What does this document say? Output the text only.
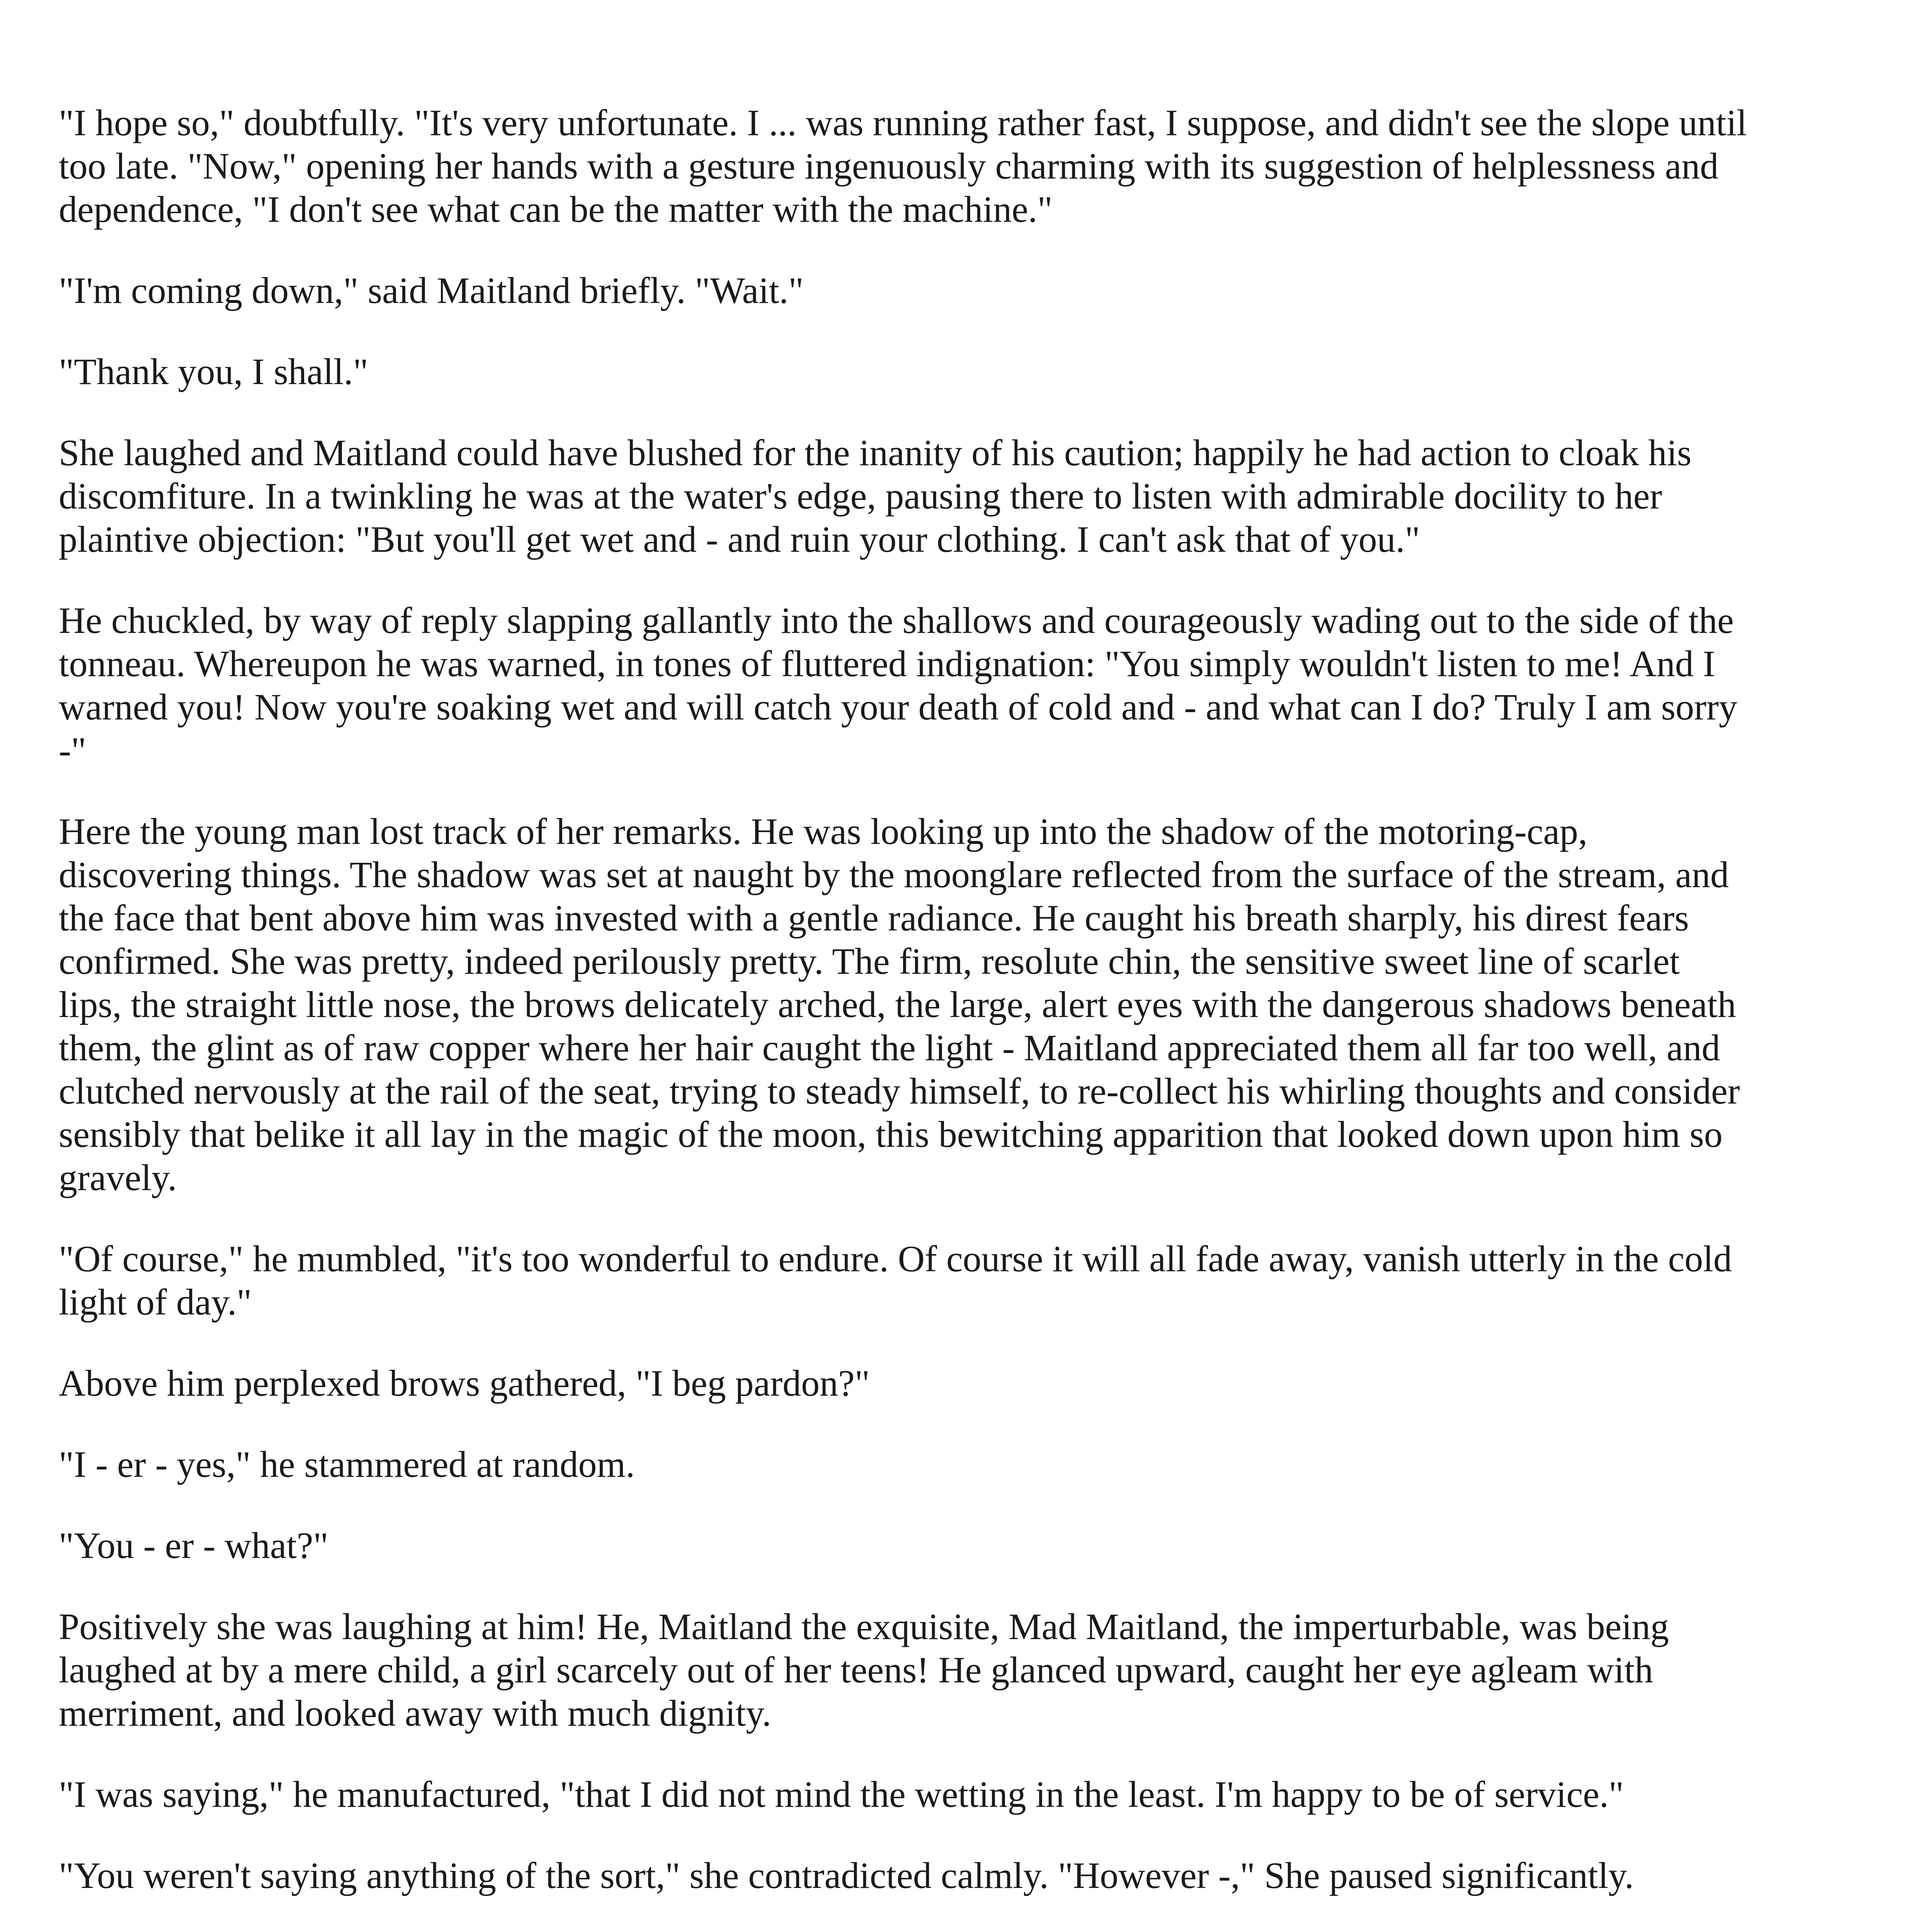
"I hope so," doubtfully. "It's very unfortunate. I ... was running rather fast, I suppose, and didn't see the slope until too late. "Now," opening her hands with a gesture ingenuously charming with its suggestion of helplessness and dependence, "I don't see what can be the matter with the machine."

"I'm coming down," said Maitland briefly. "Wait."

"Thank you, I shall."

She laughed and Maitland could have blushed for the inanity of his caution; happily he had action to cloak his discomfiture. In a twinkling he was at the water's edge, pausing there to listen with admirable docility to her plaintive objection: "But you'll get wet and - and ruin your clothing. I can't ask that of you."

He chuckled, by way of reply slapping gallantly into the shallows and courageously wading out to the side of the tonneau. Whereupon he was warned, in tones of fluttered indignation: "You simply wouldn't listen to me! And I warned you! Now you're soaking wet and will catch your death of cold and - and what can I do? Truly I am sorry -"

Here the young man lost track of her remarks. He was looking up into the shadow of the motoring-cap, discovering things. The shadow was set at naught by the moonglare reflected from the surface of the stream, and the face that bent above him was invested with a gentle radiance. He caught his breath sharply, his direst fears confirmed. She was pretty, indeed perilously pretty. The firm, resolute chin, the sensitive sweet line of scarlet lips, the straight little nose, the brows delicately arched, the large, alert eyes with the dangerous shadows beneath them, the glint as of raw copper where her hair caught the light - Maitland appreciated them all far too well, and clutched nervously at the rail of the seat, trying to steady himself, to re-collect his whirling thoughts and consider sensibly that belike it all lay in the magic of the moon, this bewitching apparition that looked down upon him so gravely.

"Of course," he mumbled, "it's too wonderful to endure. Of course it will all fade away, vanish utterly in the cold light of day."

Above him perplexed brows gathered, "I beg pardon?"

"I - er - yes," he stammered at random.

"You - er - what?"

Positively she was laughing at him! He, Maitland the exquisite, Mad Maitland, the imperturbable, was being laughed at by a mere child, a girl scarcely out of her teens! He glanced upward, caught her eye agleam with merriment, and looked away with much dignity.

"I was saying," he manufactured, "that I did not mind the wetting in the least. I'm happy to be of service."

"You weren't saying anything of the sort," she contradicted calmly. "However -," She paused significantly.
